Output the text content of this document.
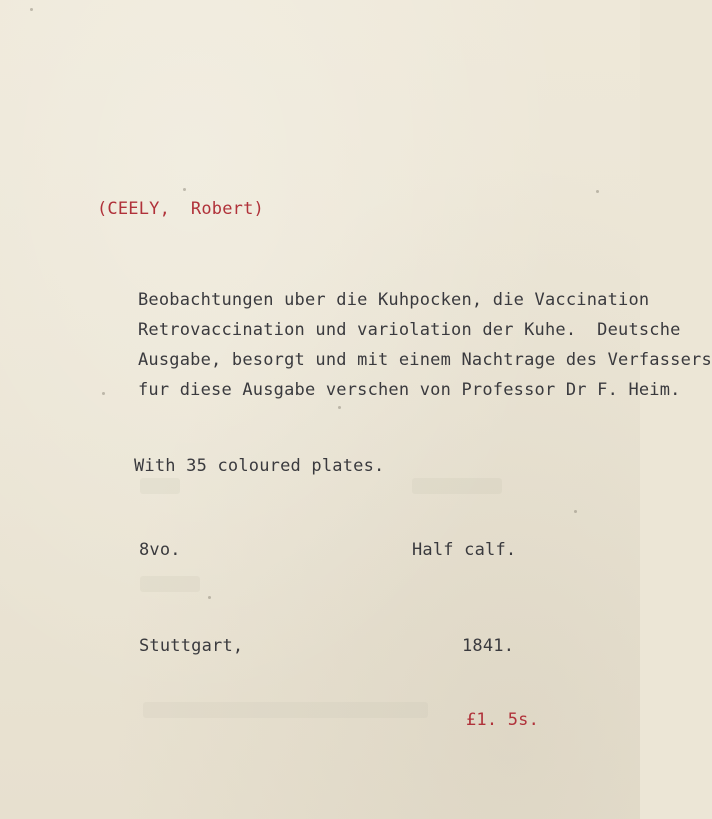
(CEELY,  Robert)

Beobachtungen uber die Kuhpocken, die Vaccination

Retrovaccination und variolation der Kuhe.  Deutsche

Ausgabe, besorgt und mit einem Nachtrage des Verfassers

fur diese Ausgabe verschen von Professor Dr F. Heim.

With 35 coloured plates.

8vo.	Half calf.

Stuttgart,	1841.

£1. 5s.
